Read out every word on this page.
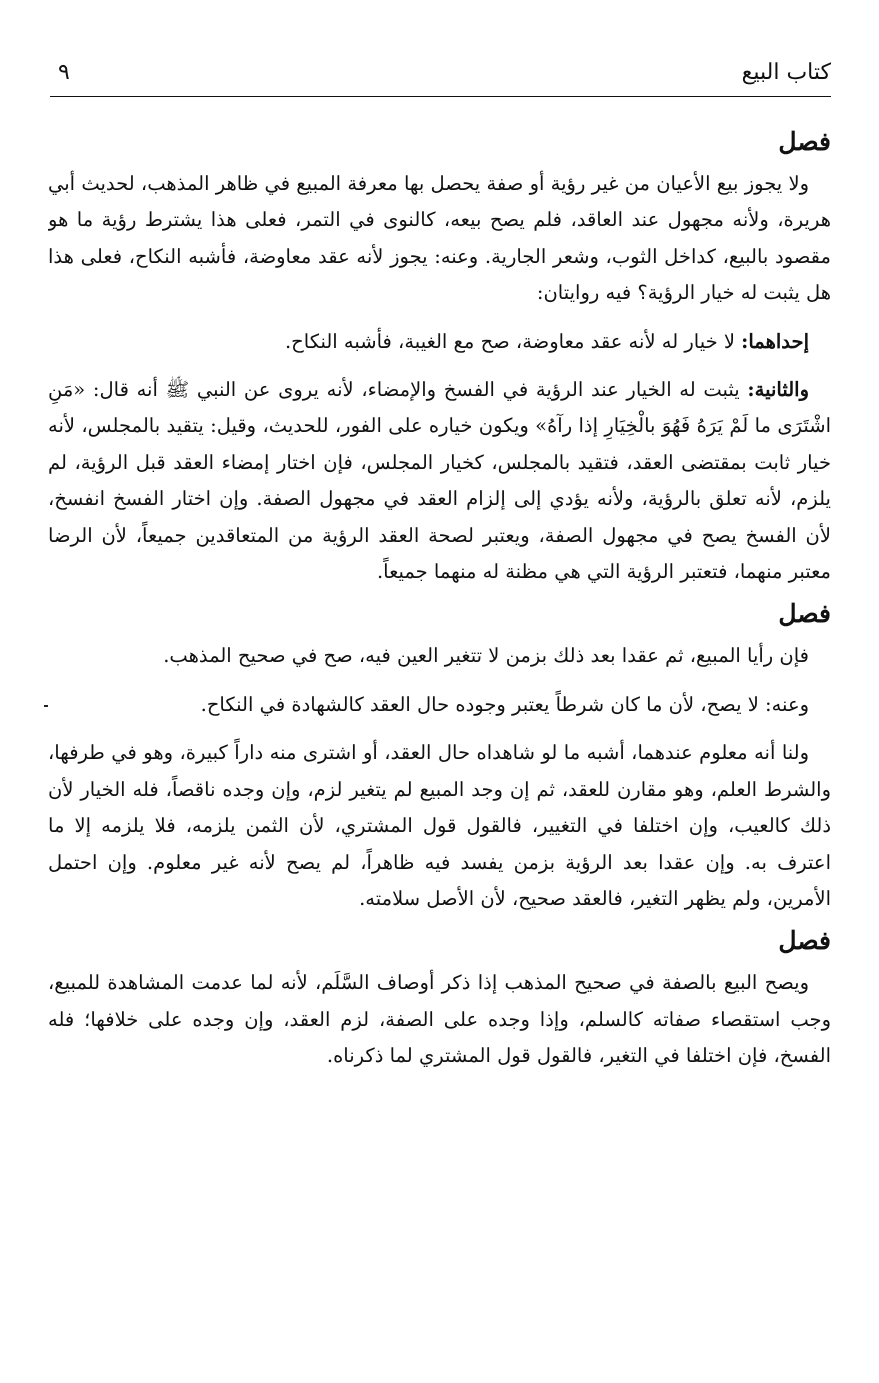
كتاب البيع
٩
فصل

ولا يجوز بيع الأعيان من غير رؤية أو صفة يحصل بها معرفة المبيع في ظاهر المذهب، لحديث أبي هريرة، ولأنه مجهول عند العاقد، فلم يصح بيعه، كالنوى في التمر، فعلى هذا يشترط رؤية ما هو مقصود بالبيع، كداخل الثوب، وشعر الجارية. وعنه: يجوز لأنه عقد معاوضة، فأشبه النكاح، فعلى هذا هل يثبت له خيار الرؤية؟ فيه روايتان:

إحداهما: لا خيار له لأنه عقد معاوضة، صح مع الغيبة، فأشبه النكاح.

والثانية: يثبت له الخيار عند الرؤية في الفسخ والإمضاء، لأنه يروى عن النبي ﷺ أنه قال: «مَنِ اشْتَرَى ما لَمْ يَرَهُ فَهُوَ بالْخِيَارِ إذا رآهُ» ويكون خياره على الفور، للحديث، وقيل: يتقيد بالمجلس، لأنه خيار ثابت بمقتضى العقد، فتقيد بالمجلس، كخيار المجلس، فإن اختار إمضاء العقد قبل الرؤية، لم يلزم، لأنه تعلق بالرؤية، ولأنه يؤدي إلى إلزام العقد في مجهول الصفة. وإن اختار الفسخ انفسخ، لأن الفسخ يصح في مجهول الصفة، ويعتبر لصحة العقد الرؤية من المتعاقدين جميعاً، لأن الرضا معتبر منهما، فتعتبر الرؤية التي هي مظنة له منهما جميعاً.

فصل

فإن رأيا المبيع، ثم عقدا بعد ذلك بزمن لا تتغير العين فيه، صح في صحيح المذهب.

وعنه: لا يصح، لأن ما كان شرطاً يعتبر وجوده حال العقد كالشهادة في النكاح.

ولنا أنه معلوم عندهما، أشبه ما لو شاهداه حال العقد، أو اشترى منه داراً كبيرة، وهو في طرفها، والشرط العلم، وهو مقارن للعقد، ثم إن وجد المبيع لم يتغير لزم، وإن وجده ناقصاً، فله الخيار لأن ذلك كالعيب، وإن اختلفا في التغيير، فالقول قول المشتري، لأن الثمن يلزمه، فلا يلزمه إلا ما اعترف به. وإن عقدا بعد الرؤية بزمن يفسد فيه ظاهراً، لم يصح لأنه غير معلوم. وإن احتمل الأمرين، ولم يظهر التغير، فالعقد صحيح، لأن الأصل سلامته.

فصل

ويصح البيع بالصفة في صحيح المذهب إذا ذكر أوصاف السَّلَم، لأنه لما عدمت المشاهدة للمبيع، وجب استقصاء صفاته كالسلم، وإذا وجده على الصفة، لزم العقد، وإن وجده على خلافها؛ فله الفسخ، فإن اختلفا في التغير، فالقول قول المشتري لما ذكرناه.
